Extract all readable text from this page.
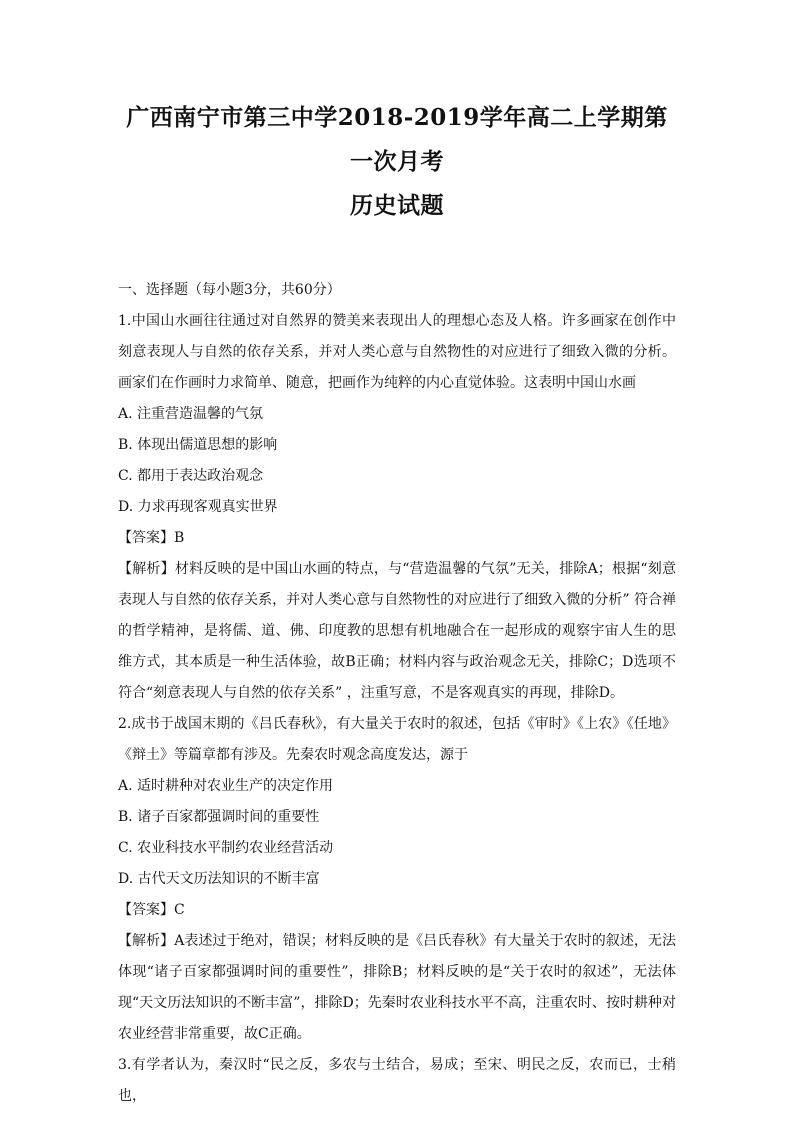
广西南宁市第三中学2018-2019学年高二上学期第一次月考
历史试题
一、选择题（每小题3分，共60分）

1.中国山水画往往通过对自然界的赞美来表现出人的理想心态及人格。许多画家在创作中刻意表现人与自然的依存关系，并对人类心意与自然物性的对应进行了细致入微的分析。画家们在作画时力求简单、随意，把画作为纯粹的内心直觉体验。这表明中国山水画

A. 注重营造温馨的气氛
B. 体现出儒道思想的影响
C. 都用于表达政治观念
D. 力求再现客观真实世界
【答案】B

【解析】材料反映的是中国山水画的特点，与“营造温馨的气氛”无关，排除A；根据“刻意表现人与自然的依存关系，并对人类心意与自然物性的对应进行了细致入微的分析” 符合禅的哲学精神，是将儒、道、佛、印度教的思想有机地融合在一起形成的观察宇宙人生的思维方式，其本质是一种生活体验，故B正确；材料内容与政治观念无关，排除C；D选项不符合“刻意表现人与自然的依存关系” ，注重写意，不是客观真实的再现，排除D。

2.成书于战国末期的《吕氏春秋》，有大量关于农时的叙述，包括《审时》《上农》《任地》《辩土》等篇章都有涉及。先秦农时观念高度发达，源于

A. 适时耕种对农业生产的决定作用
B. 诸子百家都强调时间的重要性
C. 农业科技水平制约农业经营活动
D. 古代天文历法知识的不断丰富
【答案】C

【解析】A表述过于绝对，错误；材料反映的是《吕氏春秋》有大量关于农时的叙述，无法体现“诸子百家都强调时间的重要性”，排除B；材料反映的是“关于农时的叙述”，无法体现“天文历法知识的不断丰富”，排除D；先秦时农业科技水平不高，注重农时、按时耕种对农业经营非常重要，故C正确。

3.有学者认为，秦汉时“民之反，多农与士结合，易成；至宋、明民之反，农而已，士稍也，
